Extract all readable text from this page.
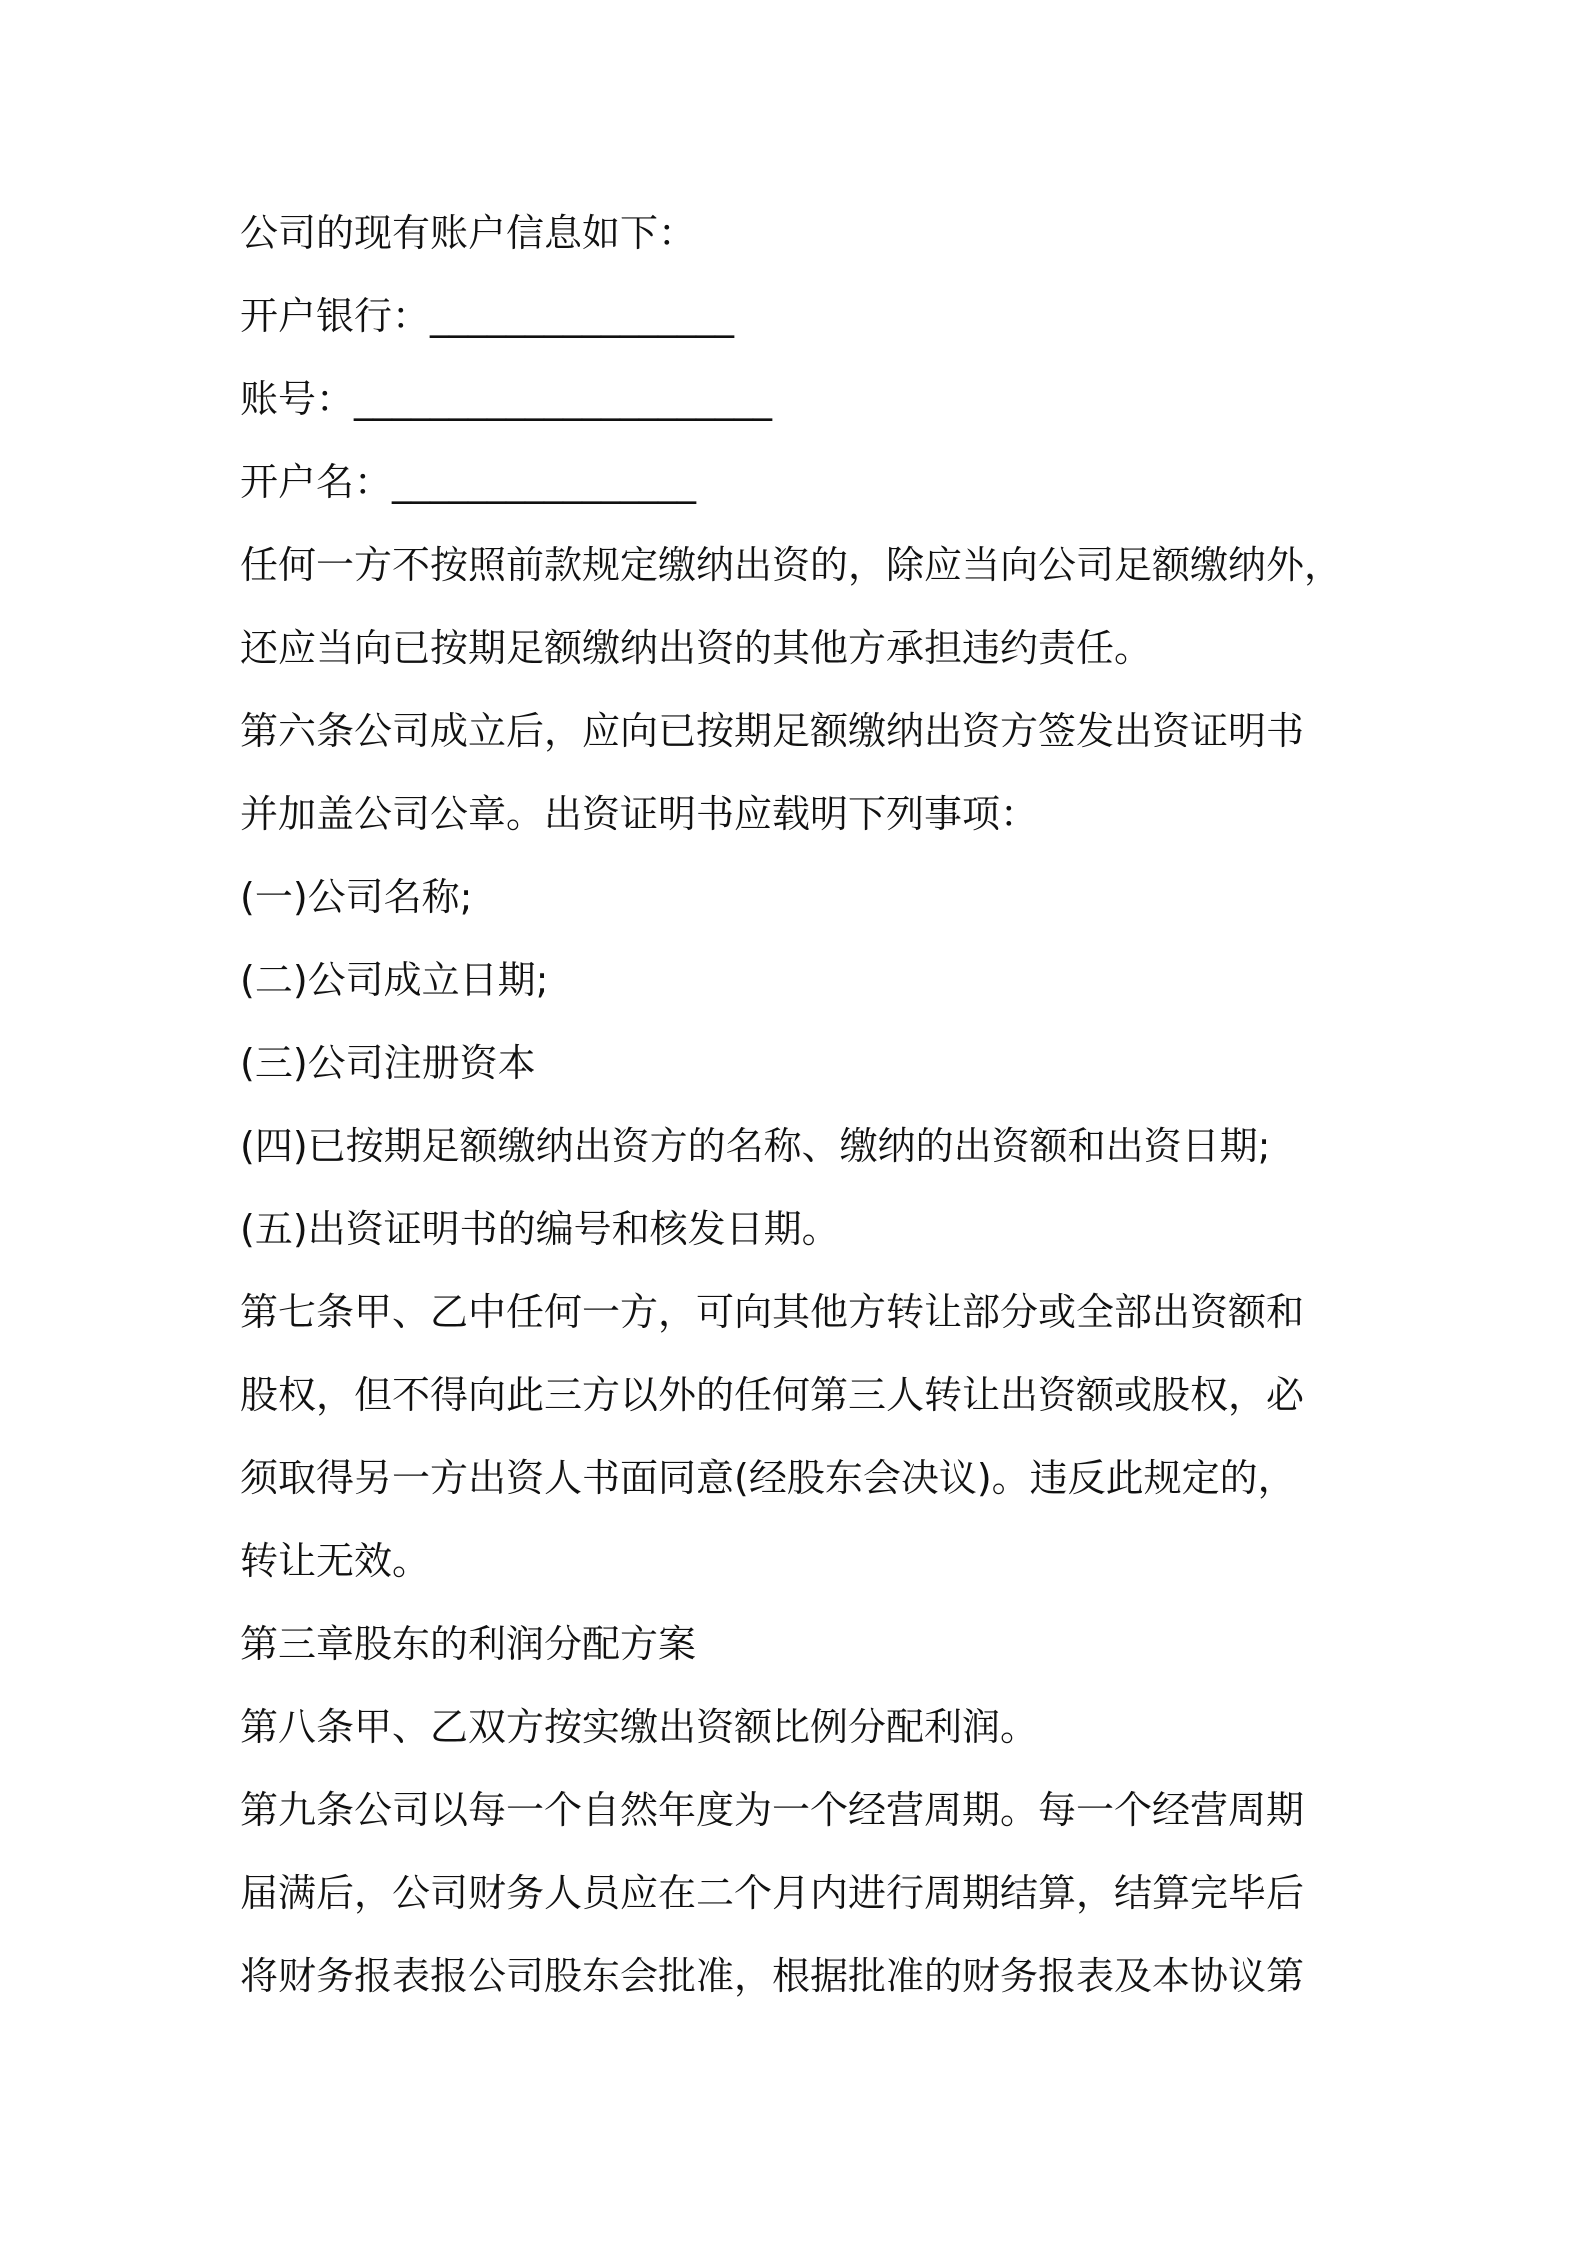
公司的现有账户信息如下：
开户银行：________________
账号：______________________
开户名：________________
任何一方不按照前款规定缴纳出资的，除应当向公司足额缴纳外，
还应当向已按期足额缴纳出资的其他方承担违约责任。
第六条公司成立后，应向已按期足额缴纳出资方签发出资证明书
并加盖公司公章。出资证明书应载明下列事项：
(一)公司名称;
(二)公司成立日期;
(三)公司注册资本
(四)已按期足额缴纳出资方的名称、缴纳的出资额和出资日期;
(五)出资证明书的编号和核发日期。
第七条甲、乙中任何一方，可向其他方转让部分或全部出资额和
股权，但不得向此三方以外的任何第三人转让出资额或股权，必
须取得另一方出资人书面同意(经股东会决议)。违反此规定的，
转让无效。
第三章股东的利润分配方案
第八条甲、乙双方按实缴出资额比例分配利润。
第九条公司以每一个自然年度为一个经营周期。每一个经营周期
届满后，公司财务人员应在二个月内进行周期结算，结算完毕后
将财务报表报公司股东会批准，根据批准的财务报表及本协议第
